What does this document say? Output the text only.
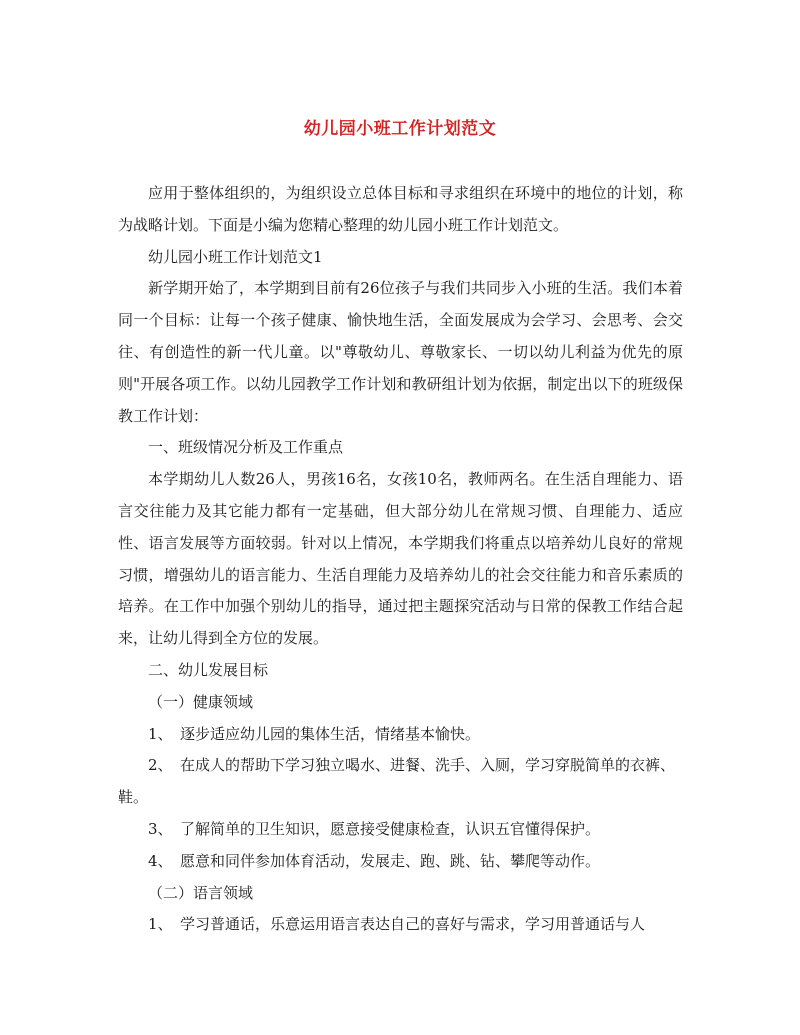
幼儿园小班工作计划范文

应用于整体组织的，为组织设立总体目标和寻求组织在环境中的地位的计划，称为战略计划。下面是小编为您精心整理的幼儿园小班工作计划范文。

幼儿园小班工作计划范文1

新学期开始了，本学期到目前有26位孩子与我们共同步入小班的生活。我们本着同一个目标：让每一个孩子健康、愉快地生活，全面发展成为会学习、会思考、会交往、有创造性的新一代儿童。以"尊敬幼儿、尊敬家长、一切以幼儿利益为优先的原则"开展各项工作。以幼儿园教学工作计划和教研组计划为依据，制定出以下的班级保教工作计划：

一、班级情况分析及工作重点

本学期幼儿人数26人，男孩16名，女孩10名，教师两名。在生活自理能力、语言交往能力及其它能力都有一定基础，但大部分幼儿在常规习惯、自理能力、适应性、语言发展等方面较弱。针对以上情况，本学期我们将重点以培养幼儿良好的常规习惯，增强幼儿的语言能力、生活自理能力及培养幼儿的社会交往能力和音乐素质的培养。在工作中加强个别幼儿的指导，通过把主题探究活动与日常的保教工作结合起来，让幼儿得到全方位的发展。

二、幼儿发展目标

（一）健康领域

1、 逐步适应幼儿园的集体生活，情绪基本愉快。

2、 在成人的帮助下学习独立喝水、进餐、洗手、入厕，学习穿脱简单的衣裤、鞋。

3、 了解简单的卫生知识，愿意接受健康检查，认识五官懂得保护。

4、 愿意和同伴参加体育活动，发展走、跑、跳、钻、攀爬等动作。

（二）语言领域

1、 学习普通话，乐意运用语言表达自己的喜好与需求，学习用普通话与人
